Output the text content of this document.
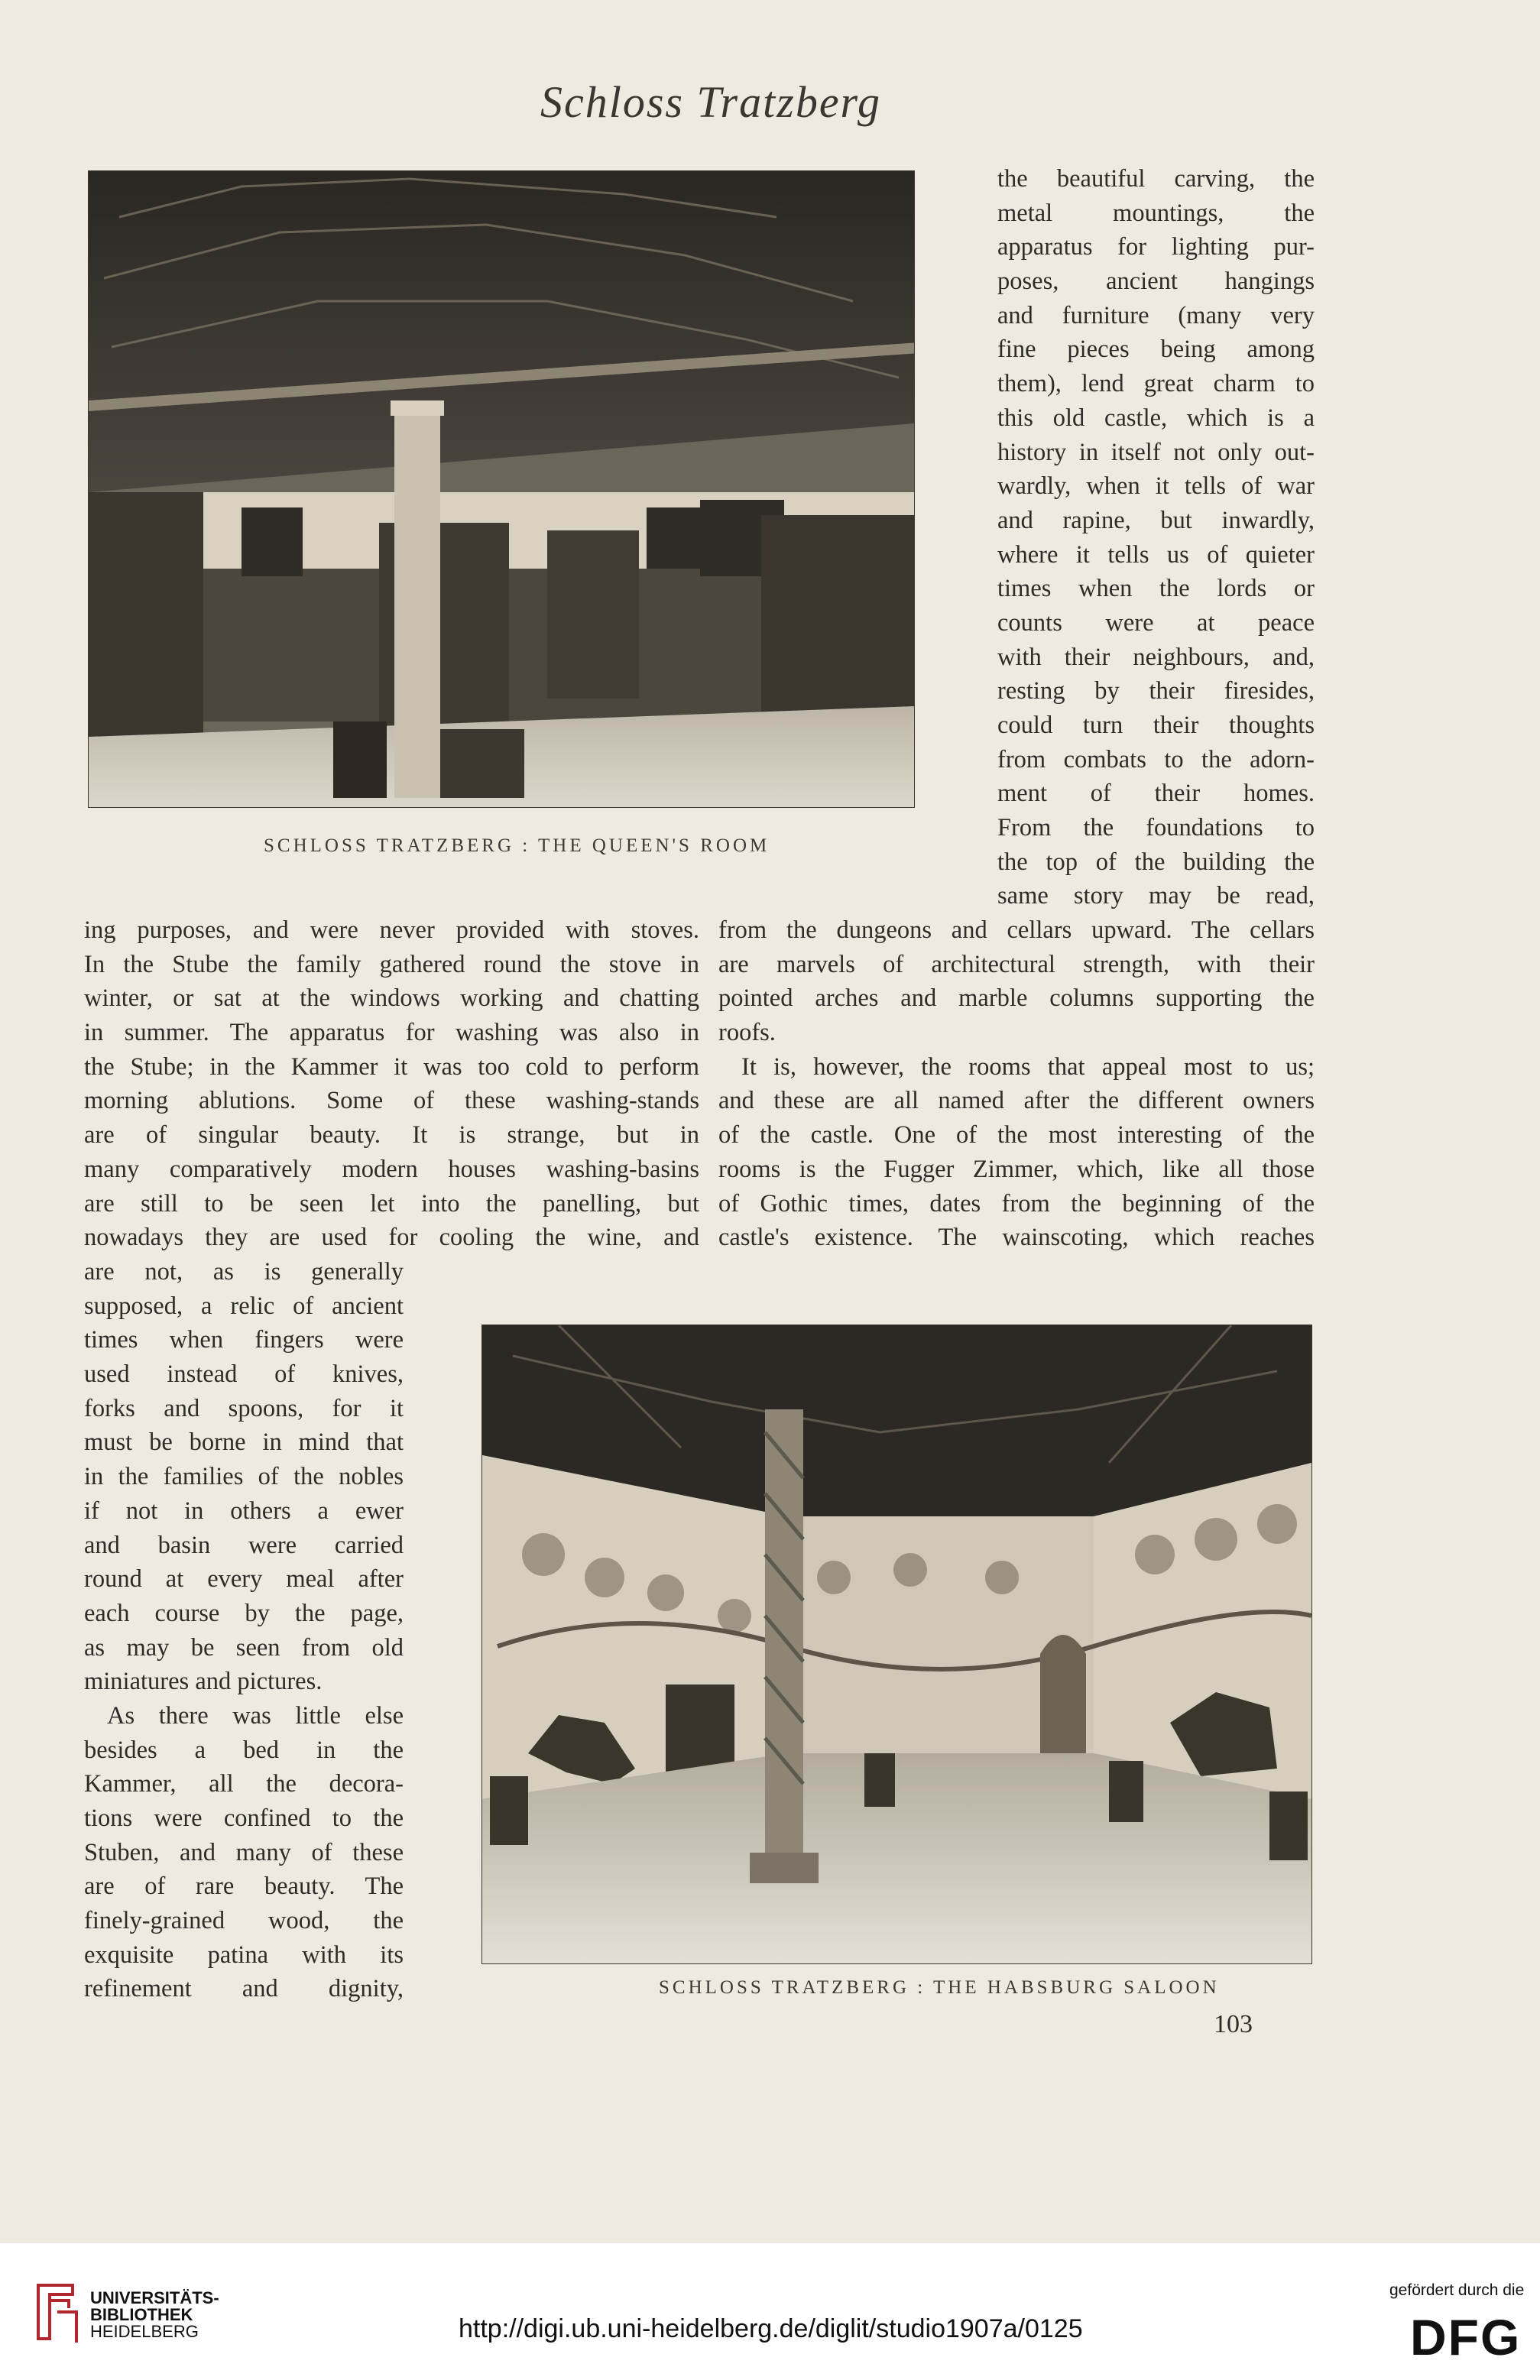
Schloss Tratzberg
the beautiful carving, the
metal mountings, the
apparatus for lighting pur-
poses, ancient hangings
and furniture (many very
fine pieces being among
them), lend great charm to
this old castle, which is a
history in itself not only out-
wardly, when it tells of war
and rapine, but inwardly,
where it tells us of quieter
times when the lords or
counts were at peace
with their neighbours, and,
resting by their firesides,
could turn their thoughts
from combats to the adorn-
ment of their homes.
From the foundations to
the top of the building the
same story may be read,
SCHLOSS TRATZBERG : THE QUEEN'S ROOM
ing purposes, and were never provided with stoves.
In the Stube the family gathered round the stove in
winter, or sat at the windows working and chatting
in summer. The apparatus for washing was also in
the Stube; in the Kammer it was too cold to perform
morning ablutions. Some of these washing-stands
are of singular beauty. It is strange, but in
many comparatively modern houses washing-basins
are still to be seen let into the panelling, but
nowadays they are used for cooling the wine, and
from the dungeons and cellars upward. The cellars
are marvels of architectural strength, with their
pointed arches and marble columns supporting the
roofs.
It is, however, the rooms that appeal most to us;
and these are all named after the different owners
of the castle. One of the most interesting of the
rooms is the Fugger Zimmer, which, like all those
of Gothic times, dates from the beginning of the
castle's existence. The wainscoting, which reaches
are not, as is generally
supposed, a relic of ancient
times when fingers were
used instead of knives,
forks and spoons, for it
must be borne in mind that
in the families of the nobles
if not in others a ewer
and basin were carried
round at every meal after
each course by the page,
as may be seen from old
miniatures and pictures.
As there was little else
besides a bed in the
Kammer, all the decora-
tions were confined to the
Stuben, and many of these
are of rare beauty. The
finely-grained wood, the
exquisite patina with its
refinement and dignity,	SCHLOSS TRATZBERG : THE HABSBURG SALOON
103
UNIVERSITÄTS-
BIBLIOTHEK
HEIDELBERG	http://digi.ub.uni-heidelberg.de/diglit/studio1907a/0125
gefördert durch die
DFG
